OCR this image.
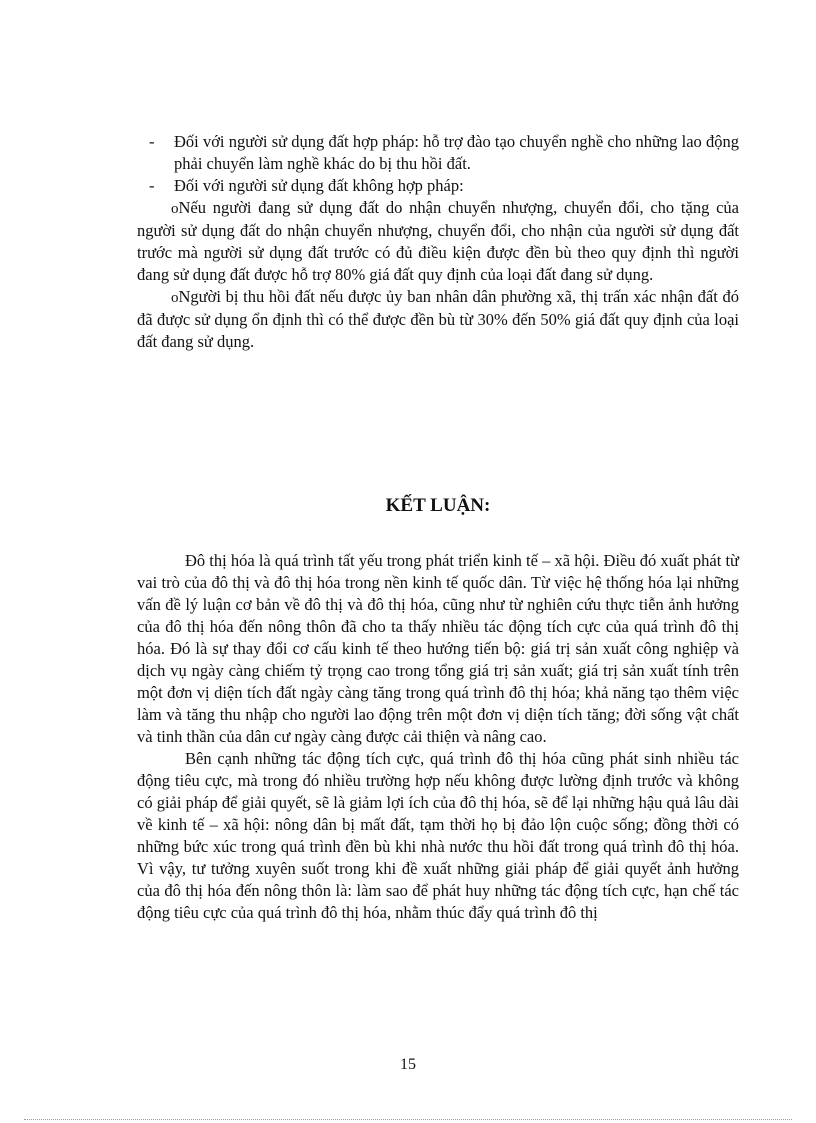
- Đối với người sử dụng đất hợp pháp: hỗ trợ đào tạo chuyển nghề cho những lao động phải chuyển làm nghề khác do bị thu hồi đất.

- Đối với người sử dụng đất không hợp pháp:

oNếu người đang sử dụng đất do nhận chuyển nhượng, chuyển đổi, cho tặng của người sử dụng đất do nhận chuyển nhượng, chuyển đổi, cho nhận của người sử dụng đất trước mà người sử dụng đất trước có đủ điều kiện được đền bù theo quy định thì người đang sử dụng đất được hỗ trợ 80% giá đất quy định của loại đất đang sử dụng.

oNgười bị thu hồi đất nếu được ủy ban nhân dân phường xã, thị trấn xác nhận đất đó đã được sử dụng ổn định thì có thể được đền bù từ 30% đến 50% giá đất quy định của loại đất đang sử dụng.

KẾT LUẬN:

Đô thị hóa là quá trình tất yếu trong phát triển kinh tế – xã hội. Điều đó xuất phát từ vai trò của đô thị và đô thị hóa trong nền kinh tế quốc dân. Từ việc hệ thống hóa lại những vấn đề lý luận cơ bản về đô thị và đô thị hóa, cũng như từ nghiên cứu thực tiễn ảnh hưởng của đô thị hóa đến nông thôn đã cho ta thấy nhiều tác động tích cực của quá trình đô thị hóa. Đó là sự thay đổi cơ cấu kinh tế theo hướng tiến bộ: giá trị sản xuất công nghiệp và dịch vụ ngày càng chiếm tỷ trọng cao trong tổng giá trị sản xuất; giá trị sản xuất tính trên một đơn vị diện tích đất ngày càng tăng trong quá trình đô thị hóa; khả năng tạo thêm việc làm và tăng thu nhập cho người lao động trên một đơn vị diện tích tăng; đời sống vật chất và tinh thần của dân cư ngày càng được cải thiện và nâng cao.

Bên cạnh những tác động tích cực, quá trình đô thị hóa cũng phát sinh nhiều tác động tiêu cực, mà trong đó nhiều trường hợp nếu không được lường định trước và không có giải pháp để giải quyết, sẽ là giảm lợi ích của đô thị hóa, sẽ để lại những hậu quả lâu dài về kinh tế – xã hội: nông dân bị mất đất, tạm thời họ bị đảo lộn cuộc sống; đồng thời có những bức xúc trong quá trình đền bù khi nhà nước thu hồi đất trong quá trình đô thị hóa. Vì vậy, tư tưởng xuyên suốt trong khi đề xuất những giải pháp để giải quyết ảnh hưởng của đô thị hóa đến nông thôn là: làm sao để phát huy những tác động tích cực, hạn chế tác động tiêu cực của quá trình đô thị hóa, nhằm thúc đẩy quá trình đô thị

15
